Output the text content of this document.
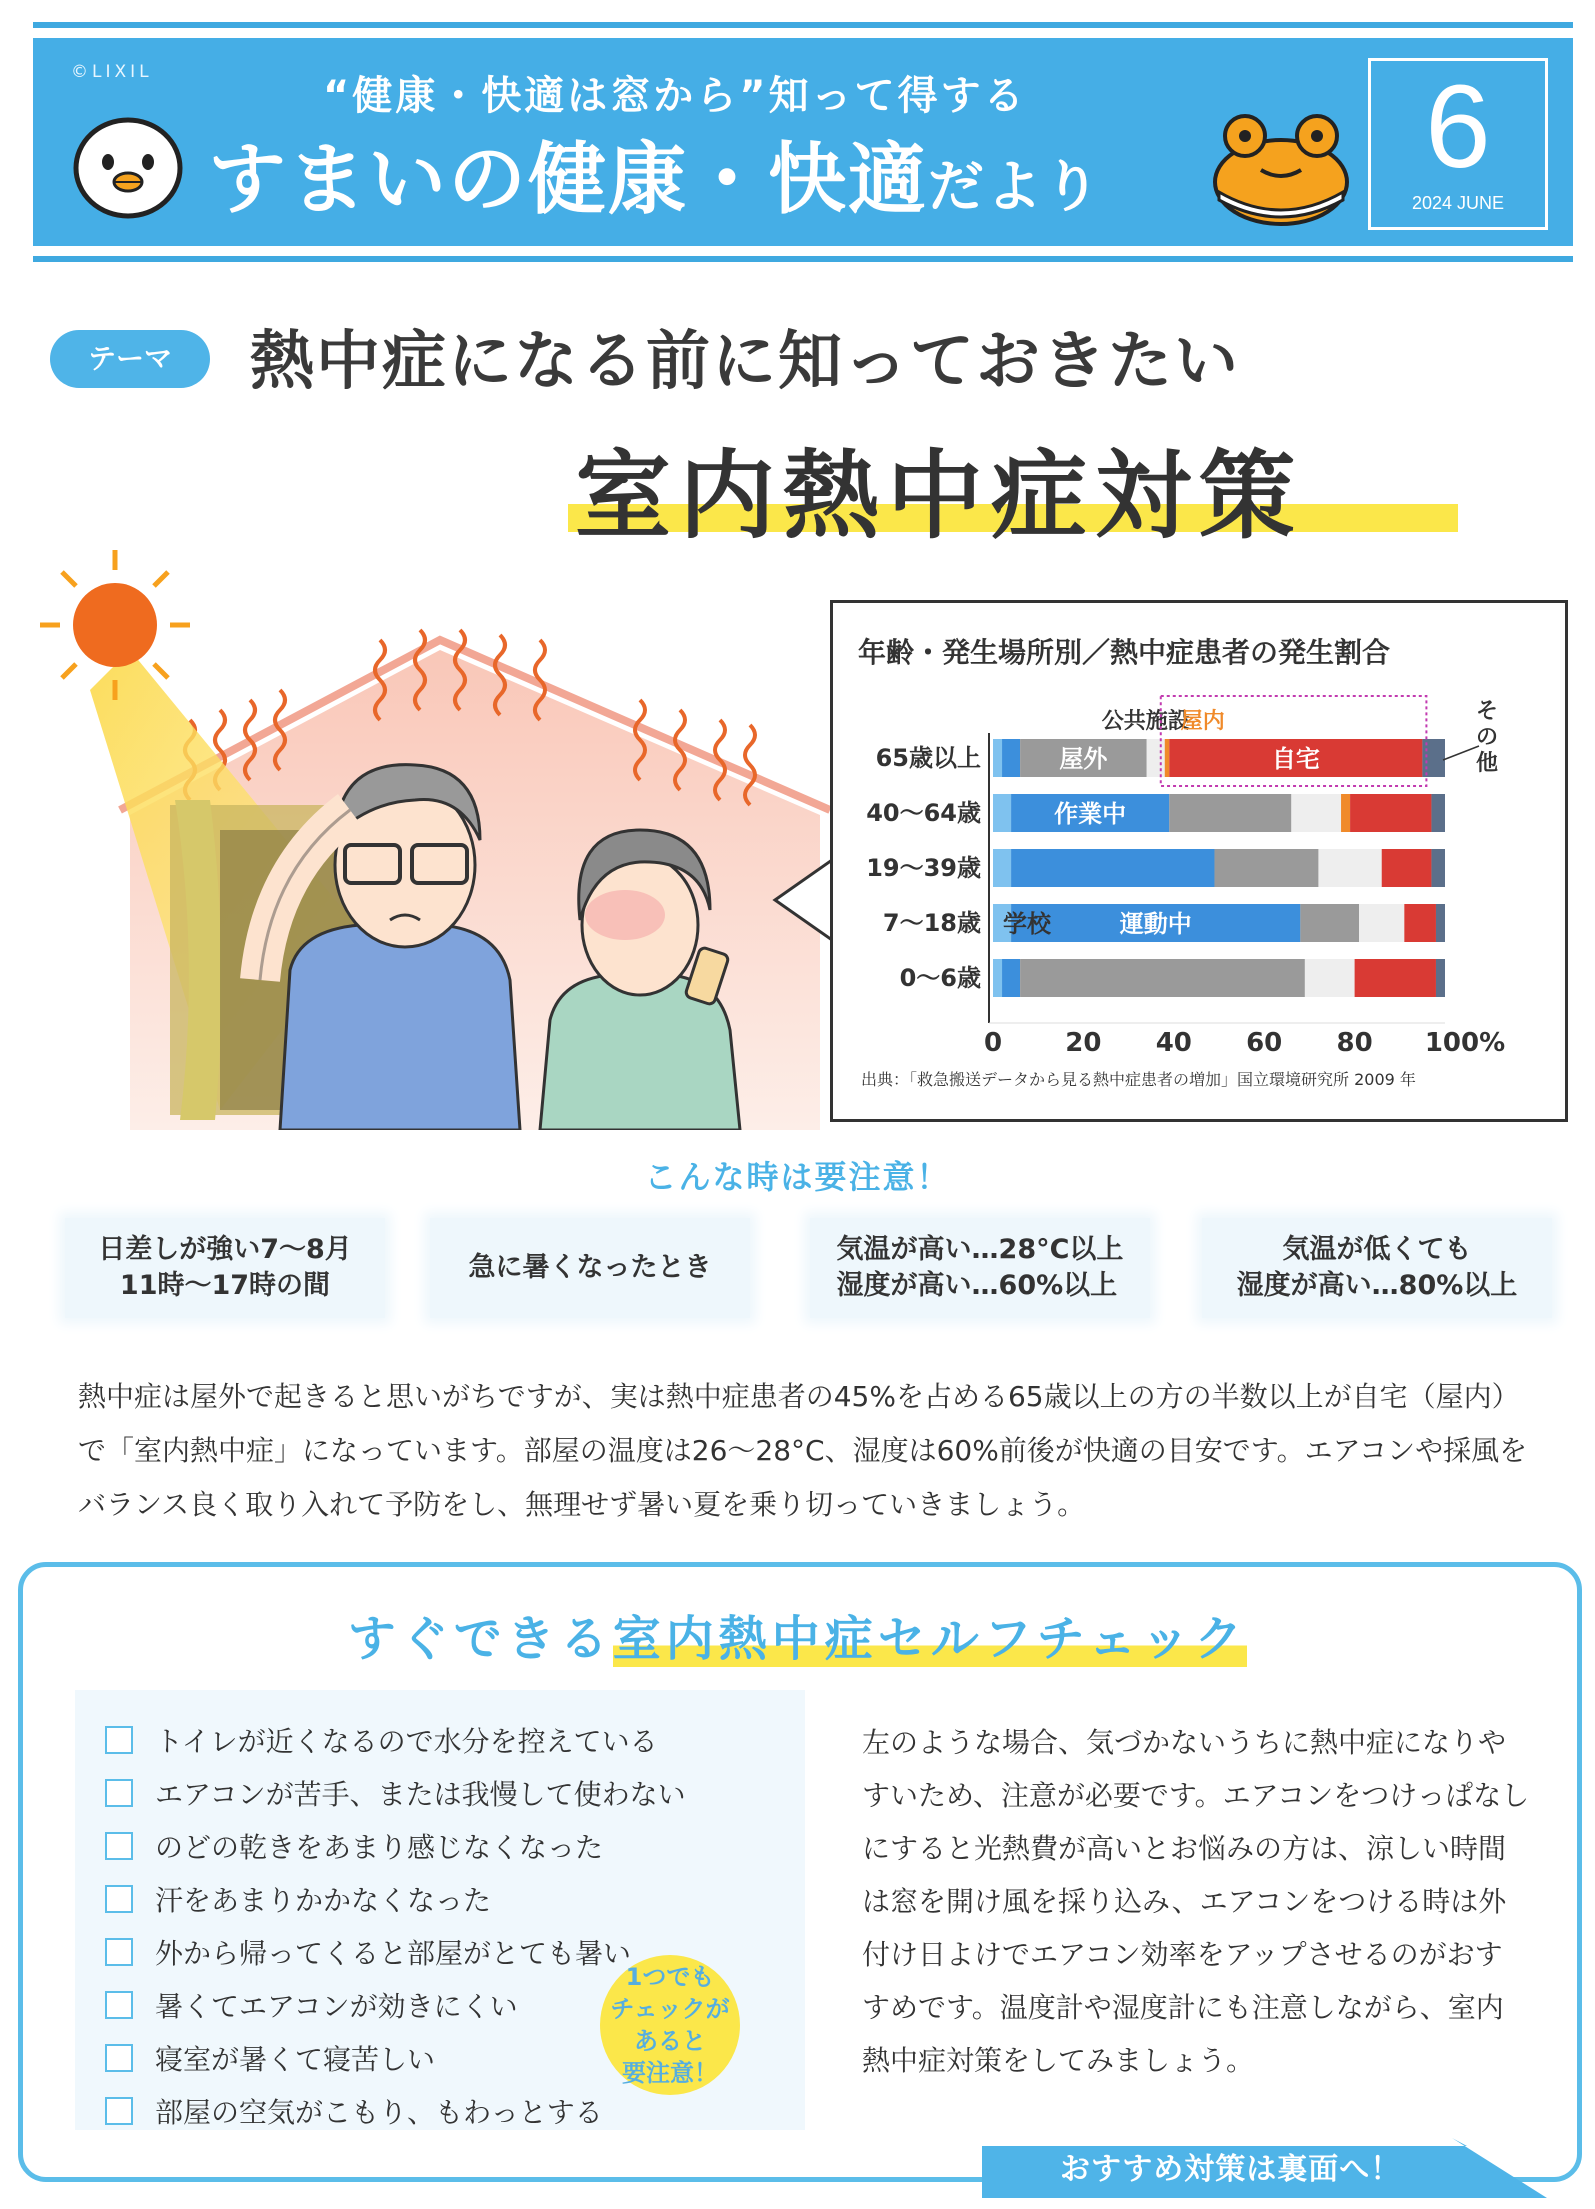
©LIXIL
“健康・快適は窓から”知って得する
すまいの健康・快適だより	6
2024 JUNE
テーマ	熱中症になる前に知っておきたい
室内熱中症対策
年齢・発生場所別／熱中症患者の発生割合
65歳以上
40〜64歳
19〜39歳
7〜18歳
0〜6歳
屋外	自宅
作業中
学校	運動中
公共施設
屋内	そ
の
他
0 20 40 60 80 100%
出典：「救急搬送データから見る熱中症患者の増加」国立環境研究所 2009 年
こんな時は要注意！
日差しが強い7〜8月
11時〜17時の間
急に暑くなったとき
気温が高い…28°C以上
湿度が高い…60%以上
気温が低くても
湿度が高い…80%以上
熱中症は屋外で起きると思いがちですが、実は熱中症患者の45%を占める65歳以上の方の半数以上が自宅（屋内）で「室内熱中症」になっています。部屋の温度は26〜28°C、湿度は60%前後が快適の目安です。エアコンや採風をバランス良く取り入れて予防をし、無理せず暑い夏を乗り切っていきましょう。
すぐできる室内熱中症セルフチェック
トイレが近くなるので水分を控えている
エアコンが苦手、または我慢して使わない
のどの乾きをあまり感じなくなった
汗をあまりかかなくなった
外から帰ってくると部屋がとても暑い
暑くてエアコンが効きにくい
寝室が暑くて寝苦しい
部屋の空気がこもり、もわっとする
1つでも
チェックが
あると
要注意！
左のような場合、気づかないうちに熱中症になりやすいため、注意が必要です。エアコンをつけっぱなしにすると光熱費が高いとお悩みの方は、涼しい時間は窓を開け風を採り込み、エアコンをつける時は外付け日よけでエアコン効率をアップさせるのがおすすめです。温度計や湿度計にも注意しながら、室内熱中症対策をしてみましょう。
おすすめ対策は裏面へ！
